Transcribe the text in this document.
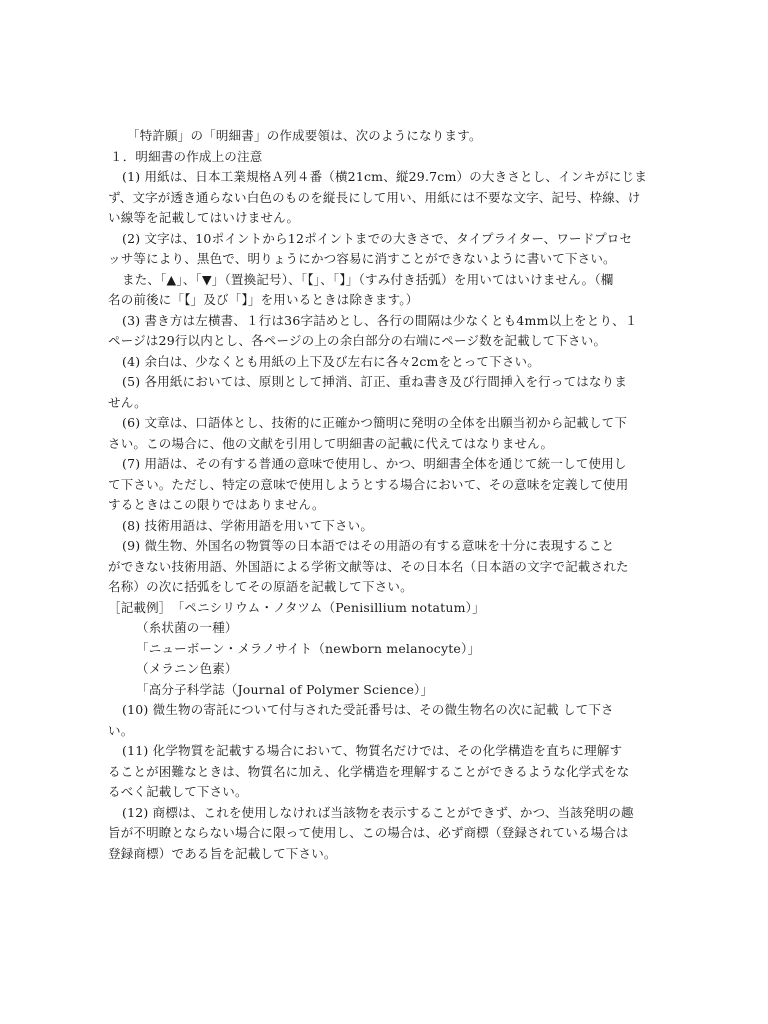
「特許願」の「明細書」の作成要領は、次のようになります。
１．明細書の作成上の注意
(1) 用紙は、日本工業規格Ａ列４番（横21cm、縦29.7cm）の大きさとし、インキがにじま
ず、文字が透き通らない白色のものを縦長にして用い、用紙には不要な文字、記号、枠線、け
い線等を記載してはいけません。
(2) 文字は、10ポイントから12ポイントまでの大きさで、タイプライター、ワードプロセ
ッサ等により、黒色で、明りょうにかつ容易に消すことができないように書いて下さい。
また、「▲」、「▼」（置換記号）、「【」、「】」（すみ付き括弧）を用いてはいけません。（欄
名の前後に「【」及び「】」を用いるときは除きます。）
(3) 書き方は左横書、１行は36字詰めとし、各行の間隔は少なくとも4mm以上をとり、１
ページは29行以内とし、各ページの上の余白部分の右端にページ数を記載して下さい。
(4) 余白は、少なくとも用紙の上下及び左右に各々2cmをとって下さい。
(5) 各用紙においては、原則として挿消、訂正、重ね書き及び行間挿入を行ってはなりま
せん。
(6) 文章は、口語体とし、技術的に正確かつ簡明に発明の全体を出願当初から記載して下
さい。この場合に、他の文献を引用して明細書の記載に代えてはなりません。
(7) 用語は、その有する普通の意味で使用し、かつ、明細書全体を通じて統一して使用し
て下さい。ただし、特定の意味で使用しようとする場合において、その意味を定義して使用
するときはこの限りではありません。
(8) 技術用語は、学術用語を用いて下さい。
(9) 微生物、外国名の物質等の日本語ではその用語の有する意味を十分に表現すること
ができない技術用語、外国語による学術文献等は、その日本名（日本語の文字で記載された
名称）の次に括弧をしてその原語を記載して下さい。
［記載例］　「ペニシリウム・ノタツム（Penisillium notatum）」
（糸状菌の一種）
「ニューボーン・メラノサイト（newborn melanocyte）」
（メラニン色素）
「高分子科学誌（Journal of Polymer Science）」
(10) 微生物の寄託について付与された受託番号は、その微生物名の次に記載 して下さ
い。
(11) 化学物質を記載する場合において、物質名だけでは、その化学構造を直ちに理解す
ることが困難なときは、物質名に加え、化学構造を理解することができるような化学式をな
るべく記載して下さい。
(12) 商標は、これを使用しなければ当該物を表示することができず、かつ、当該発明の趣
旨が不明瞭とならない場合に限って使用し、この場合は、必ず商標（登録されている場合は
登録商標）である旨を記載して下さい。
